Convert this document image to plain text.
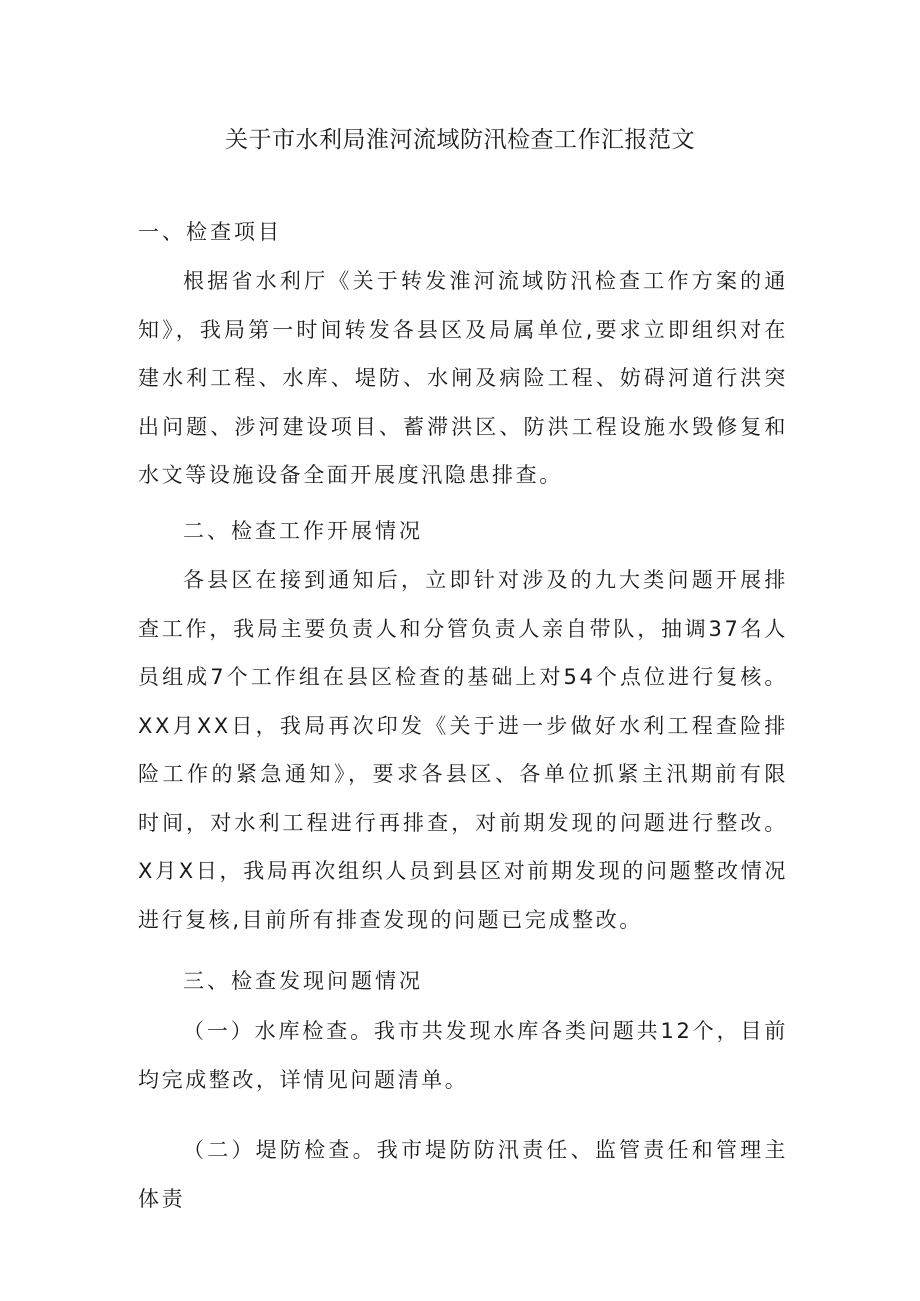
关于市水利局淮河流域防汛检查工作汇报范文
一、检查项目

根据省水利厅《关于转发淮河流域防汛检查工作方案的通知》，我局第一时间转发各县区及局属单位,要求立即组织对在建水利工程、水库、堤防、水闸及病险工程、妨碍河道行洪突出问题、涉河建设项目、蓄滞洪区、防洪工程设施水毁修复和水文等设施设备全面开展度汛隐患排查。

二、检查工作开展情况

各县区在接到通知后，立即针对涉及的九大类问题开展排查工作，我局主要负责人和分管负责人亲自带队，抽调37名人员组成7个工作组在县区检查的基础上对54个点位进行复核。XX月XX日，我局再次印发《关于进一步做好水利工程查险排险工作的紧急通知》，要求各县区、各单位抓紧主汛期前有限时间，对水利工程进行再排查，对前期发现的问题进行整改。X月X日，我局再次组织人员到县区对前期发现的问题整改情况进行复核,目前所有排查发现的问题已完成整改。

三、检查发现问题情况

（一）水库检查。我市共发现水库各类问题共12个，目前均完成整改，详情见问题清单。

（二）堤防检查。我市堤防防汛责任、监管责任和管理主体责
